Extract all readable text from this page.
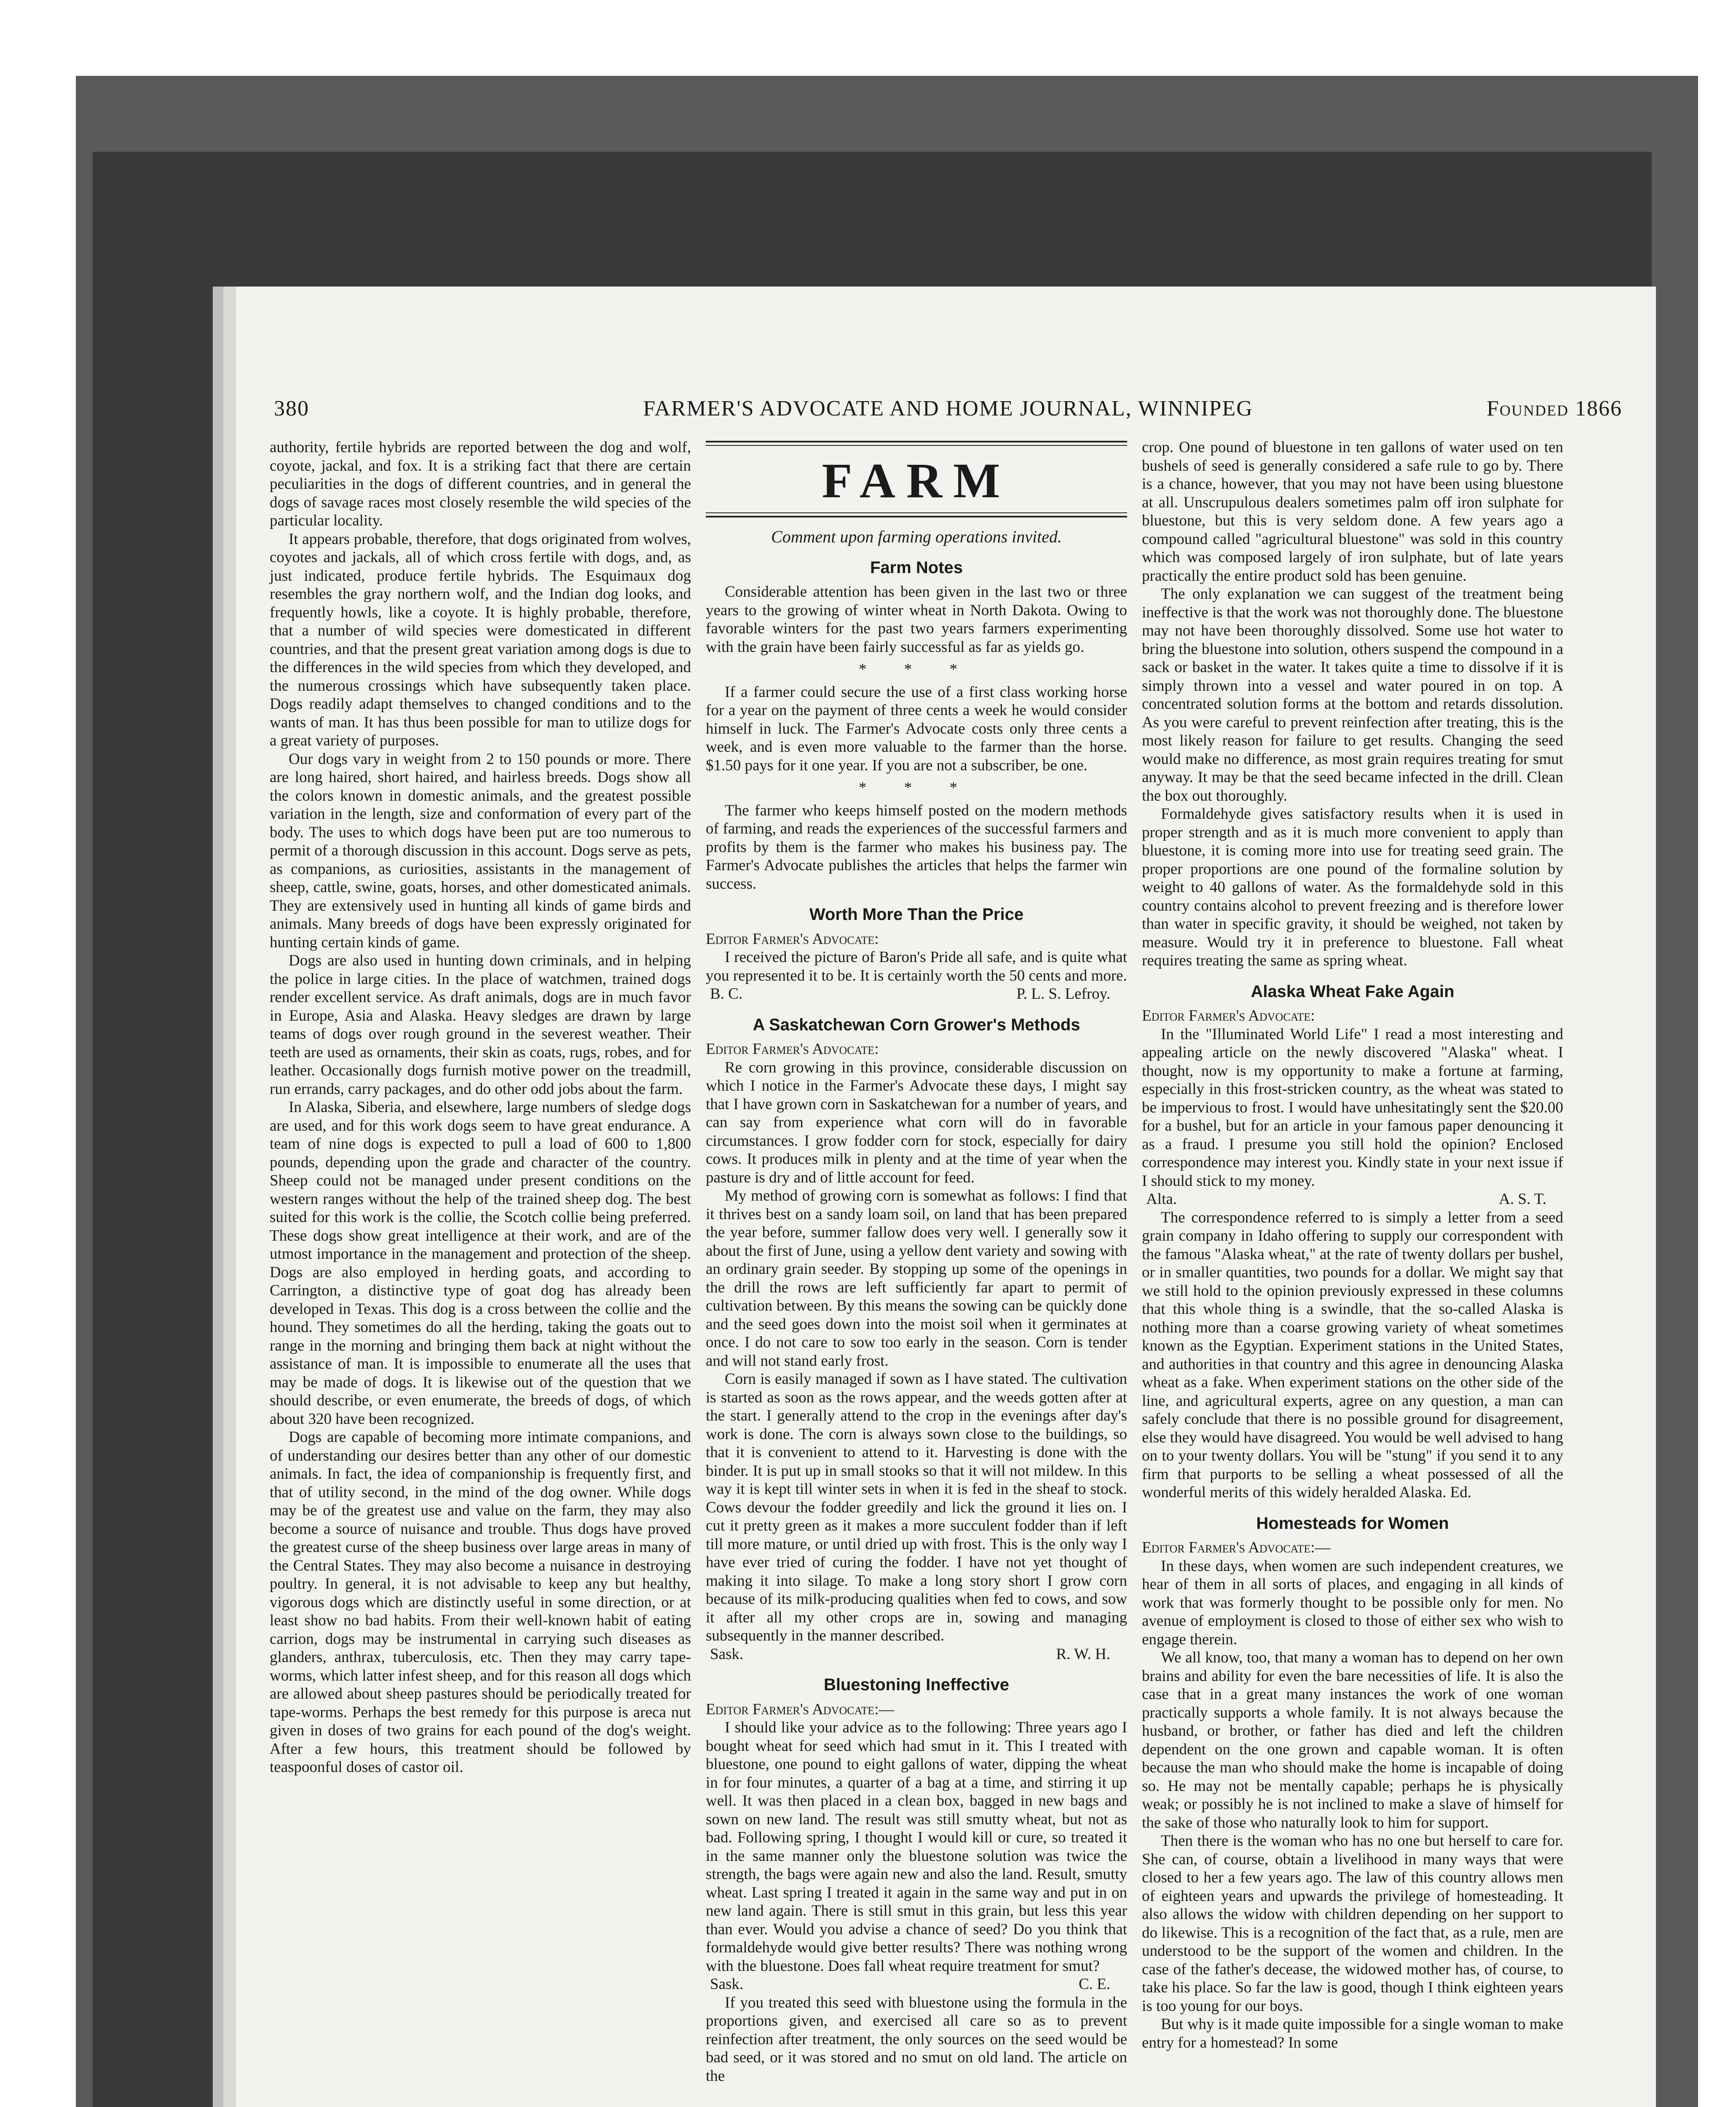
380	FARMER'S ADVOCATE AND HOME JOURNAL, WINNIPEG	Founded 1866

authority, fertile hybrids are reported between the dog and wolf, coyote, jackal, and fox. It is a striking fact that there are certain peculiarities in the dogs of different countries, and in general the dogs of savage races most closely resemble the wild species of the particular locality.

It appears probable, therefore, that dogs originated from wolves, coyotes and jackals, all of which cross fertile with dogs, and, as just indicated, produce fertile hybrids. The Esquimaux dog resembles the gray northern wolf, and the Indian dog looks, and frequently howls, like a coyote. It is highly probable, therefore, that a number of wild species were domesticated in different countries, and that the present great variation among dogs is due to the differences in the wild species from which they developed, and the numerous crossings which have subsequently taken place. Dogs readily adapt themselves to changed conditions and to the wants of man. It has thus been possible for man to utilize dogs for a great variety of purposes.

Our dogs vary in weight from 2 to 150 pounds or more. There are long haired, short haired, and hairless breeds. Dogs show all the colors known in domestic animals, and the greatest possible variation in the length, size and conformation of every part of the body. The uses to which dogs have been put are too numerous to permit of a thorough discussion in this account. Dogs serve as pets, as companions, as curiosities, assistants in the management of sheep, cattle, swine, goats, horses, and other domesticated animals. They are extensively used in hunting all kinds of game birds and animals. Many breeds of dogs have been expressly originated for hunting certain kinds of game.

Dogs are also used in hunting down criminals, and in helping the police in large cities. In the place of watchmen, trained dogs render excellent service. As draft animals, dogs are in much favor in Europe, Asia and Alaska. Heavy sledges are drawn by large teams of dogs over rough ground in the severest weather. Their teeth are used as ornaments, their skin as coats, rugs, robes, and for leather. Occasionally dogs furnish motive power on the treadmill, run errands, carry packages, and do other odd jobs about the farm.

In Alaska, Siberia, and elsewhere, large numbers of sledge dogs are used, and for this work dogs seem to have great endurance. A team of nine dogs is expected to pull a load of 600 to 1,800 pounds, depending upon the grade and character of the country. Sheep could not be managed under present conditions on the western ranges without the help of the trained sheep dog. The best suited for this work is the collie, the Scotch collie being preferred. These dogs show great intelligence at their work, and are of the utmost importance in the management and protection of the sheep. Dogs are also employed in herding goats, and according to Carrington, a distinctive type of goat dog has already been developed in Texas. This dog is a cross between the collie and the hound. They sometimes do all the herding, taking the goats out to range in the morning and bringing them back at night without the assistance of man. It is impossible to enumerate all the uses that may be made of dogs. It is likewise out of the question that we should describe, or even enumerate, the breeds of dogs, of which about 320 have been recognized.

Dogs are capable of becoming more intimate companions, and of understanding our desires better than any other of our domestic animals. In fact, the idea of companionship is frequently first, and that of utility second, in the mind of the dog owner. While dogs may be of the greatest use and value on the farm, they may also become a source of nuisance and trouble. Thus dogs have proved the greatest curse of the sheep business over large areas in many of the Central States. They may also become a nuisance in destroying poultry. In general, it is not advisable to keep any but healthy, vigorous dogs which are distinctly useful in some direction, or at least show no bad habits. From their well-known habit of eating carrion, dogs may be instrumental in carrying such diseases as glanders, anthrax, tuberculosis, etc. Then they may carry tape-worms, which latter infest sheep, and for this reason all dogs which are allowed about sheep pastures should be periodically treated for tape-worms. Perhaps the best remedy for this purpose is areca nut given in doses of two grains for each pound of the dog's weight. After a few hours, this treatment should be followed by teaspoonful doses of castor oil.

FARM
Comment upon farming operations invited.
Farm Notes

Considerable attention has been given in the last two or three years to the growing of winter wheat in North Dakota. Owing to favorable winters for the past two years farmers experimenting with the grain have been fairly successful as far as yields go.

* * *

If a farmer could secure the use of a first class working horse for a year on the payment of three cents a week he would consider himself in luck. The Farmer's Advocate costs only three cents a week, and is even more valuable to the farmer than the horse. $1.50 pays for it one year. If you are not a subscriber, be one.

* * *

The farmer who keeps himself posted on the modern methods of farming, and reads the experiences of the successful farmers and profits by them is the farmer who makes his business pay. The Farmer's Advocate publishes the articles that helps the farmer win success.

Worth More Than the Price

Editor Farmer's Advocate:

I received the picture of Baron's Pride all safe, and is quite what you represented it to be. It is certainly worth the 50 cents and more.

B. C.	P. L. S. Lefroy.

A Saskatchewan Corn Grower's Methods

Editor Farmer's Advocate:

Re corn growing in this province, considerable discussion on which I notice in the Farmer's Advocate these days, I might say that I have grown corn in Saskatchewan for a number of years, and can say from experience what corn will do in favorable circumstances. I grow fodder corn for stock, especially for dairy cows. It produces milk in plenty and at the time of year when the pasture is dry and of little account for feed.

My method of growing corn is somewhat as follows: I find that it thrives best on a sandy loam soil, on land that has been prepared the year before, summer fallow does very well. I generally sow it about the first of June, using a yellow dent variety and sowing with an ordinary grain seeder. By stopping up some of the openings in the drill the rows are left sufficiently far apart to permit of cultivation between. By this means the sowing can be quickly done and the seed goes down into the moist soil when it germinates at once. I do not care to sow too early in the season. Corn is tender and will not stand early frost.

Corn is easily managed if sown as I have stated. The cultivation is started as soon as the rows appear, and the weeds gotten after at the start. I generally attend to the crop in the evenings after day's work is done. The corn is always sown close to the buildings, so that it is convenient to attend to it. Harvesting is done with the binder. It is put up in small stooks so that it will not mildew. In this way it is kept till winter sets in when it is fed in the sheaf to stock. Cows devour the fodder greedily and lick the ground it lies on. I cut it pretty green as it makes a more succulent fodder than if left till more mature, or until dried up with frost. This is the only way I have ever tried of curing the fodder. I have not yet thought of making it into silage. To make a long story short I grow corn because of its milk-producing qualities when fed to cows, and sow it after all my other crops are in, sowing and managing subsequently in the manner described.

Sask.	R. W. H.

Bluestoning Ineffective

Editor Farmer's Advocate:—

I should like your advice as to the following: Three years ago I bought wheat for seed which had smut in it. This I treated with bluestone, one pound to eight gallons of water, dipping the wheat in for four minutes, a quarter of a bag at a time, and stirring it up well. It was then placed in a clean box, bagged in new bags and sown on new land. The result was still smutty wheat, but not as bad. Following spring, I thought I would kill or cure, so treated it in the same manner only the bluestone solution was twice the strength, the bags were again new and also the land. Result, smutty wheat. Last spring I treated it again in the same way and put in on new land again. There is still smut in this grain, but less this year than ever. Would you advise a chance of seed? Do you think that formaldehyde would give better results? There was nothing wrong with the bluestone. Does fall wheat require treatment for smut?

Sask.	C. E.

If you treated this seed with bluestone using the formula in the proportions given, and exercised all care so as to prevent reinfection after treatment, the only sources on the seed would be bad seed, or it was stored and no smut on old land. The article on the

crop. One pound of bluestone in ten gallons of water used on ten bushels of seed is generally considered a safe rule to go by. There is a chance, however, that you may not have been using bluestone at all. Unscrupulous dealers sometimes palm off iron sulphate for bluestone, but this is very seldom done. A few years ago a compound called "agricultural bluestone" was sold in this country which was composed largely of iron sulphate, but of late years practically the entire product sold has been genuine.

The only explanation we can suggest of the treatment being ineffective is that the work was not thoroughly done. The bluestone may not have been thoroughly dissolved. Some use hot water to bring the bluestone into solution, others suspend the compound in a sack or basket in the water. It takes quite a time to dissolve if it is simply thrown into a vessel and water poured in on top. A concentrated solution forms at the bottom and retards dissolution. As you were careful to prevent reinfection after treating, this is the most likely reason for failure to get results. Changing the seed would make no difference, as most grain requires treating for smut anyway. It may be that the seed became infected in the drill. Clean the box out thoroughly.

Formaldehyde gives satisfactory results when it is used in proper strength and as it is much more convenient to apply than bluestone, it is coming more into use for treating seed grain. The proper proportions are one pound of the formaline solution by weight to 40 gallons of water. As the formaldehyde sold in this country contains alcohol to prevent freezing and is therefore lower than water in specific gravity, it should be weighed, not taken by measure. Would try it in preference to bluestone. Fall wheat requires treating the same as spring wheat.

Alaska Wheat Fake Again

Editor Farmer's Advocate:

In the "Illuminated World Life" I read a most interesting and appealing article on the newly discovered "Alaska" wheat. I thought, now is my opportunity to make a fortune at farming, especially in this frost-stricken country, as the wheat was stated to be impervious to frost. I would have unhesitatingly sent the $20.00 for a bushel, but for an article in your famous paper denouncing it as a fraud. I presume you still hold the opinion? Enclosed correspondence may interest you. Kindly state in your next issue if I should stick to my money.

Alta.	A. S. T.

The correspondence referred to is simply a letter from a seed grain company in Idaho offering to supply our correspondent with the famous "Alaska wheat," at the rate of twenty dollars per bushel, or in smaller quantities, two pounds for a dollar. We might say that we still hold to the opinion previously expressed in these columns that this whole thing is a swindle, that the so-called Alaska is nothing more than a coarse growing variety of wheat sometimes known as the Egyptian. Experiment stations in the United States, and authorities in that country and this agree in denouncing Alaska wheat as a fake. When experiment stations on the other side of the line, and agricultural experts, agree on any question, a man can safely conclude that there is no possible ground for disagreement, else they would have disagreed. You would be well advised to hang on to your twenty dollars. You will be "stung" if you send it to any firm that purports to be selling a wheat possessed of all the wonderful merits of this widely heralded Alaska. Ed.

Homesteads for Women

Editor Farmer's Advocate:—

In these days, when women are such independent creatures, we hear of them in all sorts of places, and engaging in all kinds of work that was formerly thought to be possible only for men. No avenue of employment is closed to those of either sex who wish to engage therein.

We all know, too, that many a woman has to depend on her own brains and ability for even the bare necessities of life. It is also the case that in a great many instances the work of one woman practically supports a whole family. It is not always because the husband, or brother, or father has died and left the children dependent on the one grown and capable woman. It is often because the man who should make the home is incapable of doing so. He may not be mentally capable; perhaps he is physically weak; or possibly he is not inclined to make a slave of himself for the sake of those who naturally look to him for support.

Then there is the woman who has no one but herself to care for. She can, of course, obtain a livelihood in many ways that were closed to her a few years ago. The law of this country allows men of eighteen years and upwards the privilege of homesteading. It also allows the widow with children depending on her support to do likewise. This is a recognition of the fact that, as a rule, men are understood to be the support of the women and children. In the case of the father's decease, the widowed mother has, of course, to take his place. So far the law is good, though I think eighteen years is too young for our boys.

But why is it made quite impossible for a single woman to make entry for a homestead? In some
